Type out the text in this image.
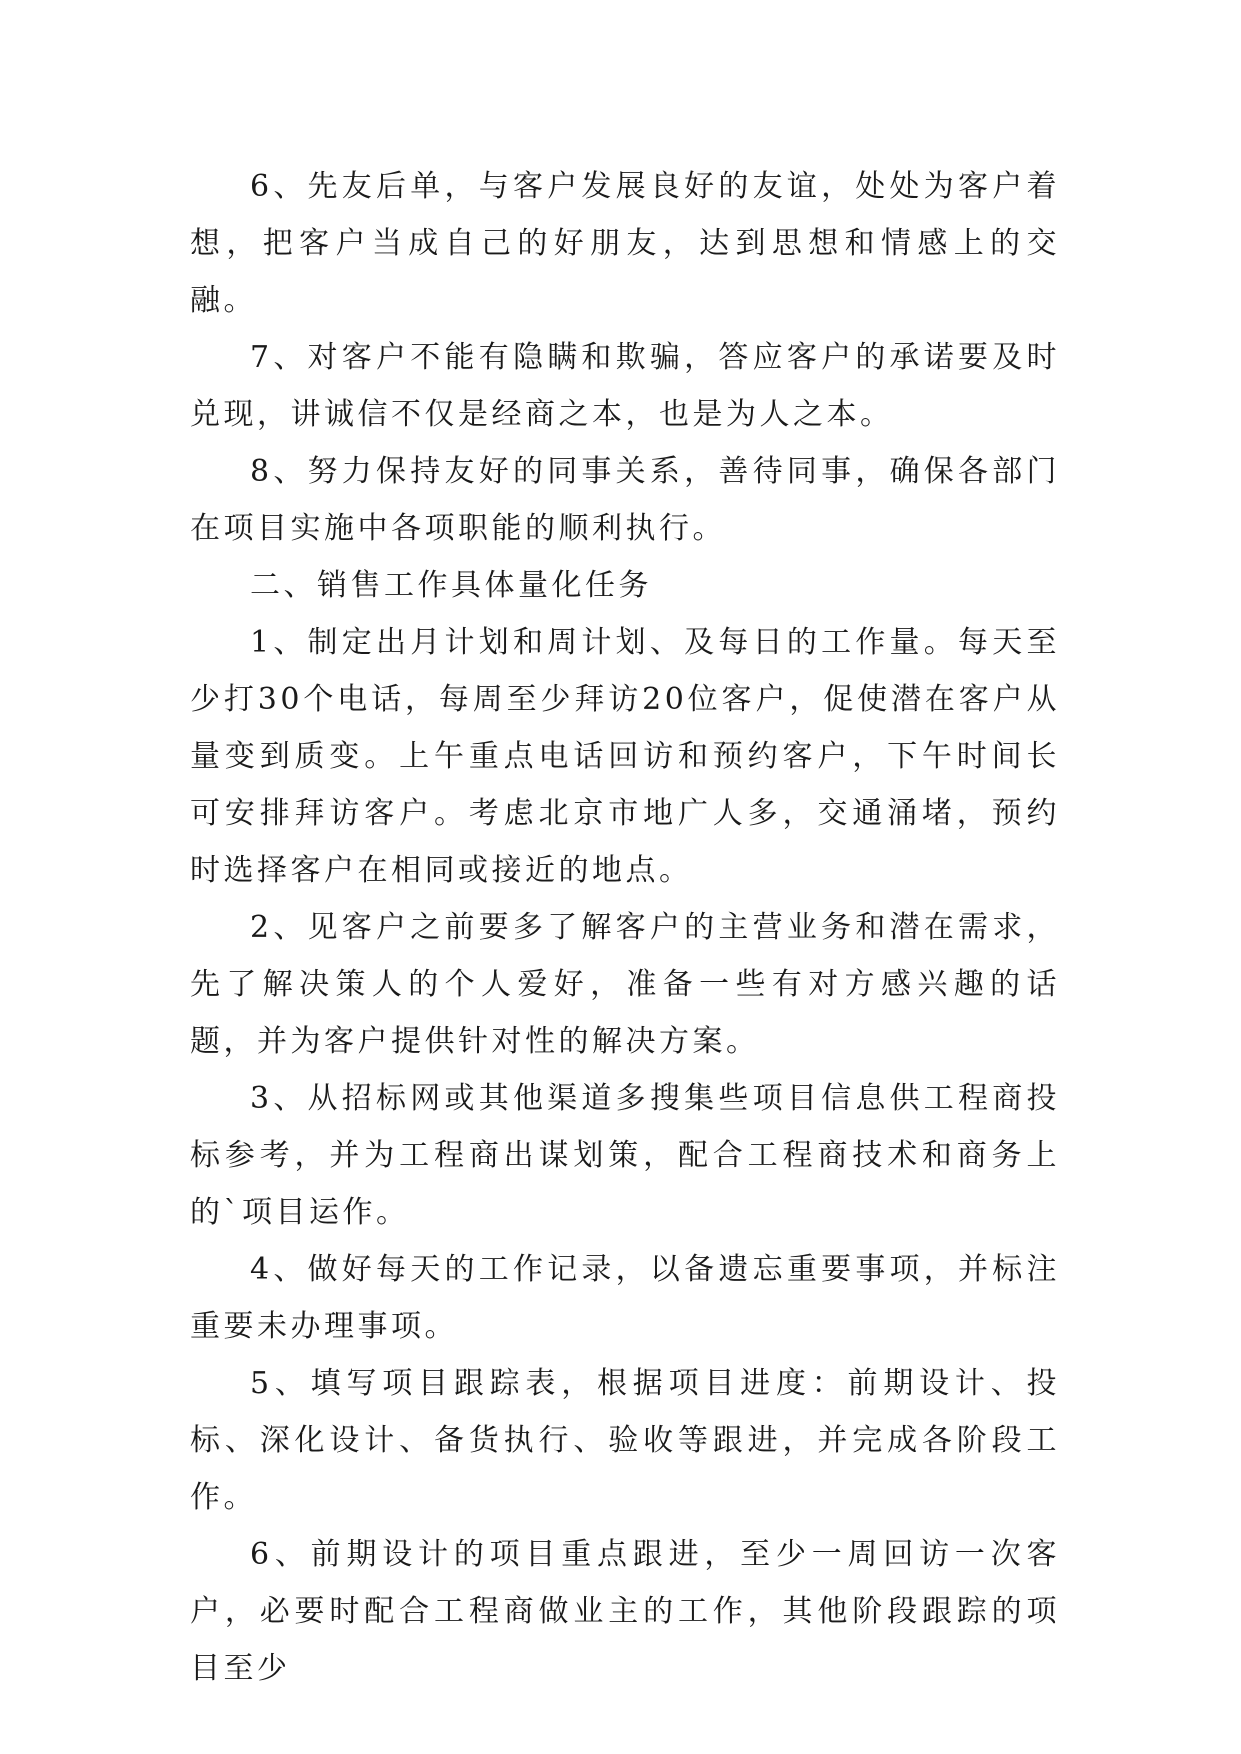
6、先友后单，与客户发展良好的友谊，处处为客户着想，把客户当成自己的好朋友，达到思想和情感上的交融。

7、对客户不能有隐瞒和欺骗，答应客户的承诺要及时兑现，讲诚信不仅是经商之本，也是为人之本。

8、努力保持友好的同事关系，善待同事，确保各部门在项目实施中各项职能的顺利执行。

二、销售工作具体量化任务

1、制定出月计划和周计划、及每日的工作量。每天至少打30个电话，每周至少拜访20位客户，促使潜在客户从量变到质变。上午重点电话回访和预约客户，下午时间长可安排拜访客户。考虑北京市地广人多，交通涌堵，预约时选择客户在相同或接近的地点。

2、见客户之前要多了解客户的主营业务和潜在需求，先了解决策人的个人爱好，准备一些有对方感兴趣的话题，并为客户提供针对性的解决方案。

3、从招标网或其他渠道多搜集些项目信息供工程商投标参考，并为工程商出谋划策，配合工程商技术和商务上的`项目运作。

4、做好每天的工作记录，以备遗忘重要事项，并标注重要未办理事项。

5、填写项目跟踪表，根据项目进度：前期设计、投标、深化设计、备货执行、验收等跟进，并完成各阶段工作。

6、前期设计的项目重点跟进，至少一周回访一次客户，必要时配合工程商做业主的工作，其他阶段跟踪的项目至少
